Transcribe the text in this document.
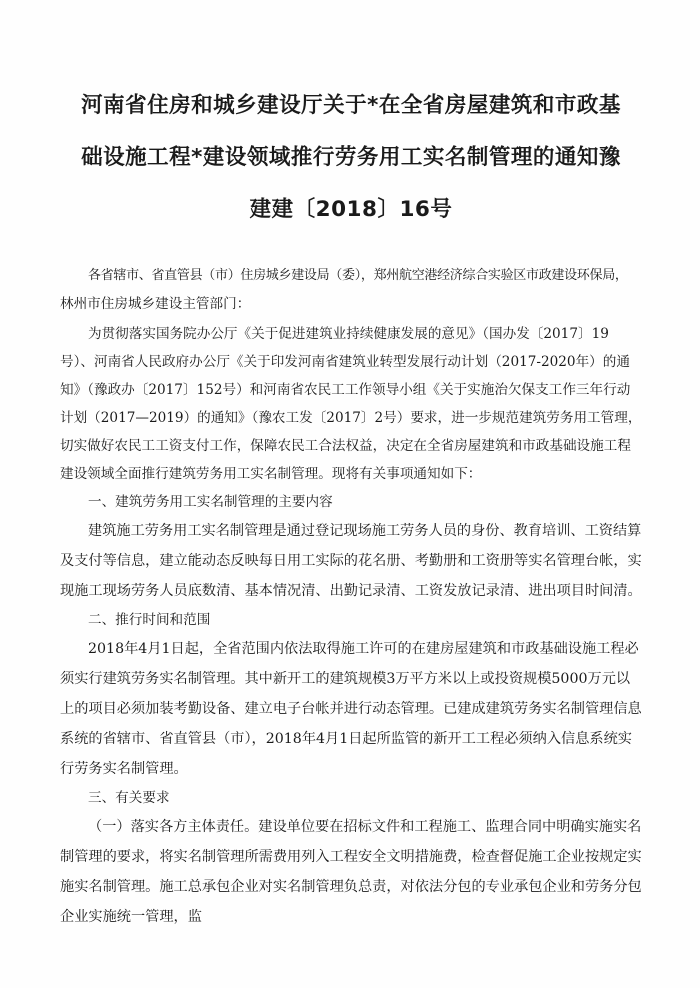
河南省住房和城乡建设厅关于*在全省房屋建筑和市政基
础设施工程*建设领域推行劳务用工实名制管理的通知豫
建建〔2018〕16号

各省辖市、省直管县（市）住房城乡建设局（委），郑州航空港经济综合实验区市政建设环保局，

林州市住房城乡建设主管部门：

为贯彻落实国务院办公厅《关于促进建筑业持续健康发展的意见》（国办发〔2017〕19号）、河南省人民政府办公厅《关于印发河南省建筑业转型发展行动计划（2017-2020年）的通知》（豫政办〔2017〕152号）和河南省农民工工作领导小组《关于实施治欠保支工作三年行动计划（2017—2019）的通知》（豫农工发〔2017〕2号）要求，进一步规范建筑劳务用工管理，切实做好农民工工资支付工作，保障农民工合法权益，决定在全省房屋建筑和市政基础设施工程建设领域全面推行建筑劳务用工实名制管理。现将有关事项通知如下：

一、建筑劳务用工实名制管理的主要内容

建筑施工劳务用工实名制管理是通过登记现场施工劳务人员的身份、教育培训、工资结算及支付等信息，建立能动态反映每日用工实际的花名册、考勤册和工资册等实名管理台帐，实现施工现场劳务人员底数清、基本情况清、出勤记录清、工资发放记录清、进出项目时间清。

二、推行时间和范围

2018年4月1日起，全省范围内依法取得施工许可的在建房屋建筑和市政基础设施工程必须实行建筑劳务实名制管理。其中新开工的建筑规模3万平方米以上或投资规模5000万元以上的项目必须加装考勤设备、建立电子台帐并进行动态管理。已建成建筑劳务实名制管理信息系统的省辖市、省直管县（市），2018年4月1日起所监管的新开工工程必须纳入信息系统实行劳务实名制管理。

三、有关要求

（一）落实各方主体责任。建设单位要在招标文件和工程施工、监理合同中明确实施实名制管理的要求，将实名制管理所需费用列入工程安全文明措施费，检查督促施工企业按规定实施实名制管理。施工总承包企业对实名制管理负总责，对依法分包的专业承包企业和劳务分包企业实施统一管理，监
